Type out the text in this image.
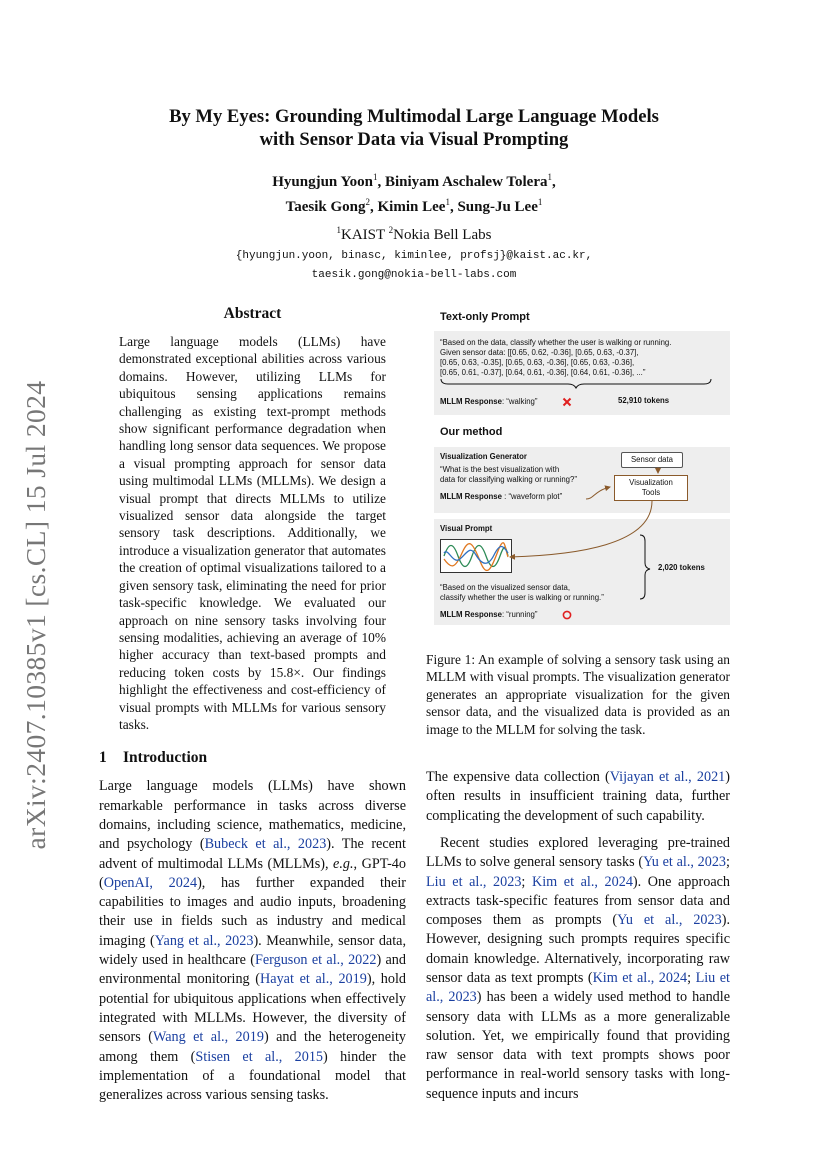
arXiv:2407.10385v1 [cs.CL] 15 Jul 2024
By My Eyes: Grounding Multimodal Large Language Models
with Sensor Data via Visual Prompting
Hyungjun Yoon$^1$, Biniyam Aschalew Tolera$^1$,
Taesik Gong$^2$, Kimin Lee$^1$, Sung-Ju Lee$^1$
$^1$KAIST $^2$Nokia Bell Labs
{hyungjun.yoon, binasc, kiminlee, profsj}@kaist.ac.kr,
taesik.gong@nokia-bell-labs.com
Abstract

Large language models (LLMs) have demonstrated exceptional abilities across various domains. However, utilizing LLMs for ubiquitous sensing applications remains challenging as existing text-prompt methods show significant performance degradation when handling long sensor data sequences. We propose a visual prompting approach for sensor data using multimodal LLMs (MLLMs). We design a visual prompt that directs MLLMs to utilize visualized sensor data alongside the target sensory task descriptions. Additionally, we introduce a visualization generator that automates the creation of optimal visualizations tailored to a given sensory task, eliminating the need for prior task-specific knowledge. We evaluated our approach on nine sensory tasks involving four sensing modalities, achieving an average of 10% higher accuracy than text-based prompts and reducing token costs by 15.8×. Our findings highlight the effectiveness and cost-efficiency of visual prompts with MLLMs for various sensory tasks.

1 Introduction

Large language models (LLMs) have shown remarkable performance in tasks across diverse domains, including science, mathematics, medicine, and psychology (Bubeck et al., 2023). The recent advent of multimodal LLMs (MLLMs), e.g., GPT-4o (OpenAI, 2024), has further expanded their capabilities to images and audio inputs, broadening their use in fields such as industry and medical imaging (Yang et al., 2023). Meanwhile, sensor data, widely used in healthcare (Ferguson et al., 2022) and environmental monitoring (Hayat et al., 2019), hold potential for ubiquitous applications when effectively integrated with MLLMs. However, the diversity of sensors (Wang et al., 2019) and the heterogeneity among them (Stisen et al., 2015) hinder the implementation of a foundational model that generalizes across various sensing tasks.

Text-only Prompt
“Based on the data, classify whether the user is walking or running.
Given sensor data: [[0.65, 0.62, -0.36], [0.65, 0.63, -0.37],
[0.65, 0.63, -0.35], [0.65, 0.63, -0.36], [0.65, 0.63, -0.36],
[0.65, 0.61, -0.37], [0.64, 0.61, -0.36], [0.64, 0.61, -0.36], ...”
MLLM Response: “walking”	52,910 tokens
Our method
Visualization Generator
“What is the best visualization with
data for classifying walking or running?”
MLLM Response : “waveform plot”
Sensor data
Visualization
Tools
Visual Prompt
“Based on the visualized sensor data,
classify whether the user is walking or running.”
MLLM Response: “running”
2,020 tokens

Figure 1: An example of solving a sensory task using an MLLM with visual prompts. The visualization generator generates an appropriate visualization for the given sensor data, and the visualized data is provided as an image to the MLLM for solving the task.

The expensive data collection (Vijayan et al., 2021) often results in insufficient training data, further complicating the development of such capability.

Recent studies explored leveraging pre-trained LLMs to solve general sensory tasks (Yu et al., 2023; Liu et al., 2023; Kim et al., 2024). One approach extracts task-specific features from sensor data and composes them as prompts (Yu et al., 2023). However, designing such prompts requires specific domain knowledge. Alternatively, incorporating raw sensor data as text prompts (Kim et al., 2024; Liu et al., 2023) has been a widely used method to handle sensory data with LLMs as a more generalizable solution. Yet, we empirically found that providing raw sensor data with text prompts shows poor performance in real-world sensory tasks with long-sequence inputs and incurs
